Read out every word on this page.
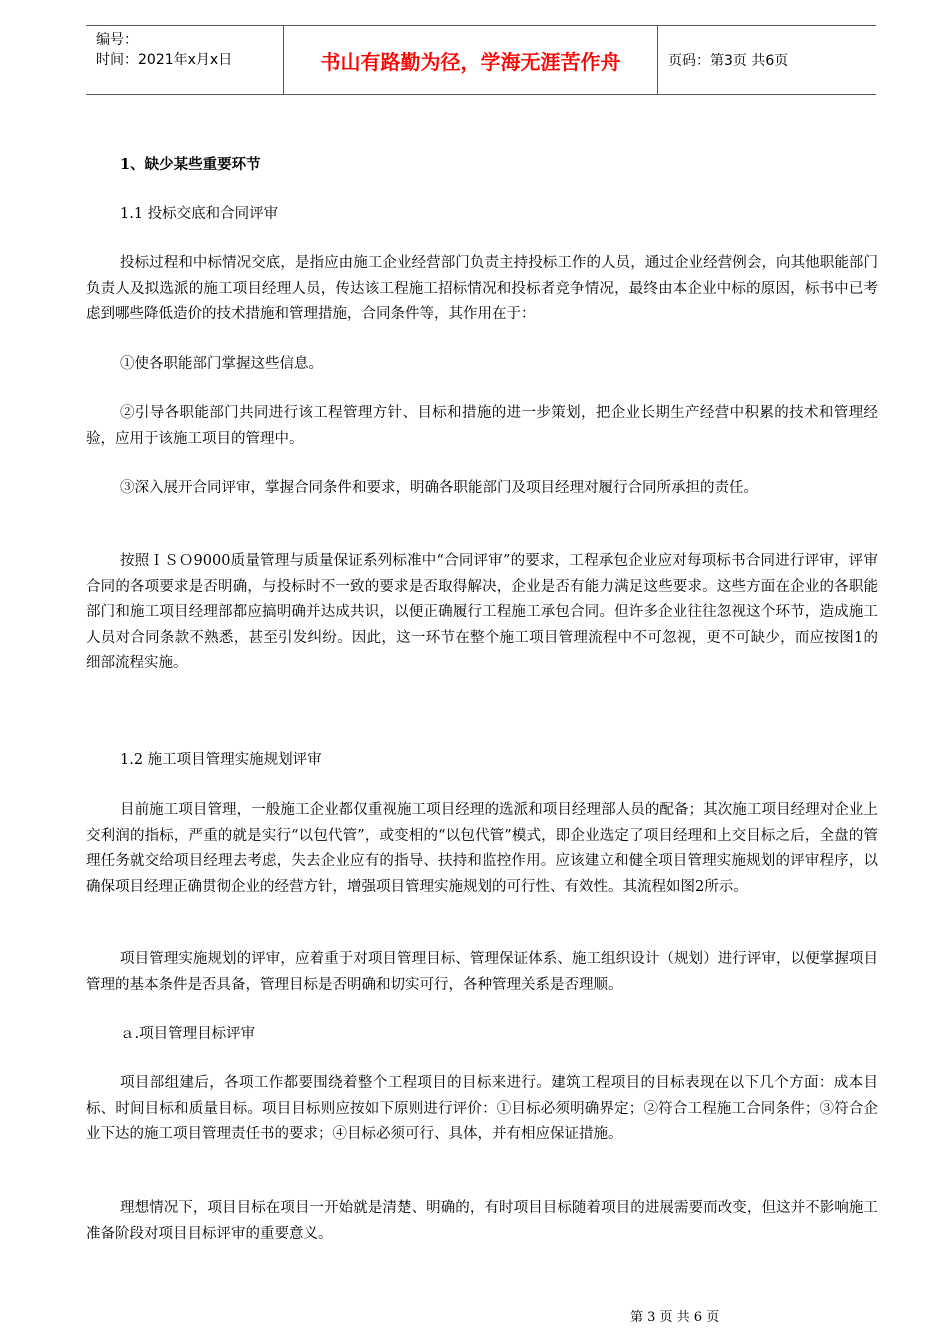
编号：
时间：2021年x月x日	书山有路勤为径，学海无涯苦作舟	页码：第3页 共6页

1、缺少某些重要环节

1.1 投标交底和合同评审

投标过程和中标情况交底，是指应由施工企业经营部门负责主持投标工作的人员，通过企业经营例会，向其他职能部门负责人及拟选派的施工项目经理人员，传达该工程施工招标情况和投标者竞争情况，最终由本企业中标的原因，标书中已考虑到哪些降低造价的技术措施和管理措施，合同条件等，其作用在于：

①使各职能部门掌握这些信息。

②引导各职能部门共同进行该工程管理方针、目标和措施的进一步策划，把企业长期生产经营中积累的技术和管理经验，应用于该施工项目的管理中。

③深入展开合同评审，掌握合同条件和要求，明确各职能部门及项目经理对履行合同所承担的责任。

按照ＩＳＯ9000质量管理与质量保证系列标准中“合同评审”的要求，工程承包企业应对每项标书合同进行评审，评审合同的各项要求是否明确，与投标时不一致的要求是否取得解决，企业是否有能力满足这些要求。这些方面在企业的各职能部门和施工项目经理部都应搞明确并达成共识，以便正确履行工程施工承包合同。但许多企业往往忽视这个环节，造成施工人员对合同条款不熟悉，甚至引发纠纷。因此，这一环节在整个施工项目管理流程中不可忽视，更不可缺少，而应按图1的细部流程实施。

1.2 施工项目管理实施规划评审

目前施工项目管理，一般施工企业都仅重视施工项目经理的选派和项目经理部人员的配备；其次施工项目经理对企业上交利润的指标，严重的就是实行“以包代管”，或变相的“以包代管”模式，即企业选定了项目经理和上交目标之后，全盘的管理任务就交给项目经理去考虑，失去企业应有的指导、扶持和监控作用。应该建立和健全项目管理实施规划的评审程序，以确保项目经理正确贯彻企业的经营方针，增强项目管理实施规划的可行性、有效性。其流程如图2所示。

项目管理实施规划的评审，应着重于对项目管理目标、管理保证体系、施工组织设计（规划）进行评审，以便掌握项目管理的基本条件是否具备，管理目标是否明确和切实可行，各种管理关系是否理顺。

ａ.项目管理目标评审

项目部组建后，各项工作都要围绕着整个工程项目的目标来进行。建筑工程项目的目标表现在以下几个方面：成本目标、时间目标和质量目标。项目目标则应按如下原则进行评价：①目标必须明确界定；②符合工程施工合同条件；③符合企业下达的施工项目管理责任书的要求；④目标必须可行、具体，并有相应保证措施。

理想情况下，项目目标在项目一开始就是清楚、明确的，有时项目目标随着项目的进展需要而改变，但这并不影响施工准备阶段对项目目标评审的重要意义。

第 3 页 共 6 页
